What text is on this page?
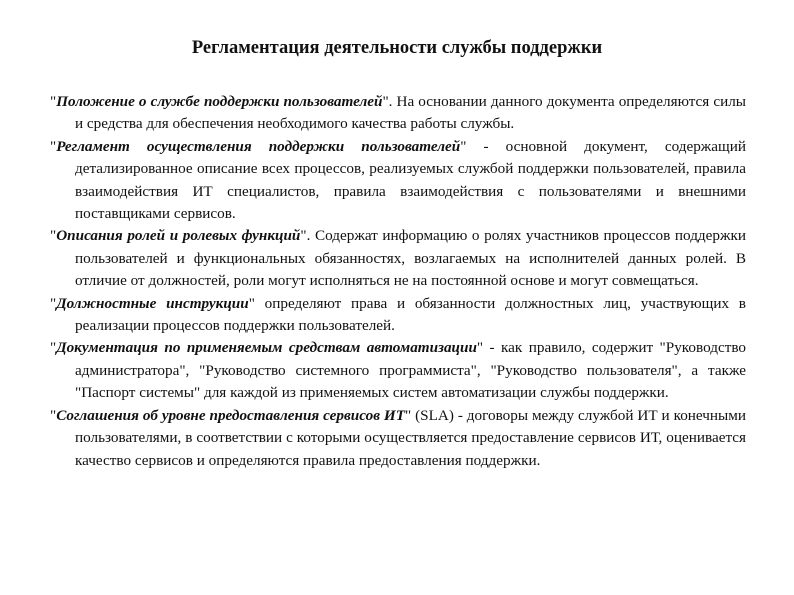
Регламентация деятельности службы поддержки

"Положение о службе поддержки пользователей". На основании данного документа определяются силы и средства для обеспечения необходимого качества работы службы.

"Регламент осуществления поддержки пользователей" - основной документ, содержащий детализированное описание всех процессов, реализуемых службой поддержки пользователей, правила взаимодействия ИТ специалистов, правила взаимодействия с пользователями и внешними поставщиками сервисов.

"Описания ролей и ролевых функций". Содержат информацию о ролях участников процессов поддержки пользователей и функциональных обязанностях, возлагаемых на исполнителей данных ролей. В отличие от должностей, роли могут исполняться не на постоянной основе и могут совмещаться.

"Должностные инструкции" определяют права и обязанности должностных лиц, участвующих в реализации процессов поддержки пользователей.

"Документация по применяемым средствам автоматизации" - как правило, содержит "Руководство администратора", "Руководство системного программиста", "Руководство пользователя", а также "Паспорт системы" для каждой из применяемых систем автоматизации службы поддержки.

"Соглашения об уровне предоставления сервисов ИТ" (SLA) - договоры между службой ИТ и конечными пользователями, в соответствии с которыми осуществляется предоставление сервисов ИТ, оценивается качество сервисов и определяются правила предоставления поддержки.
